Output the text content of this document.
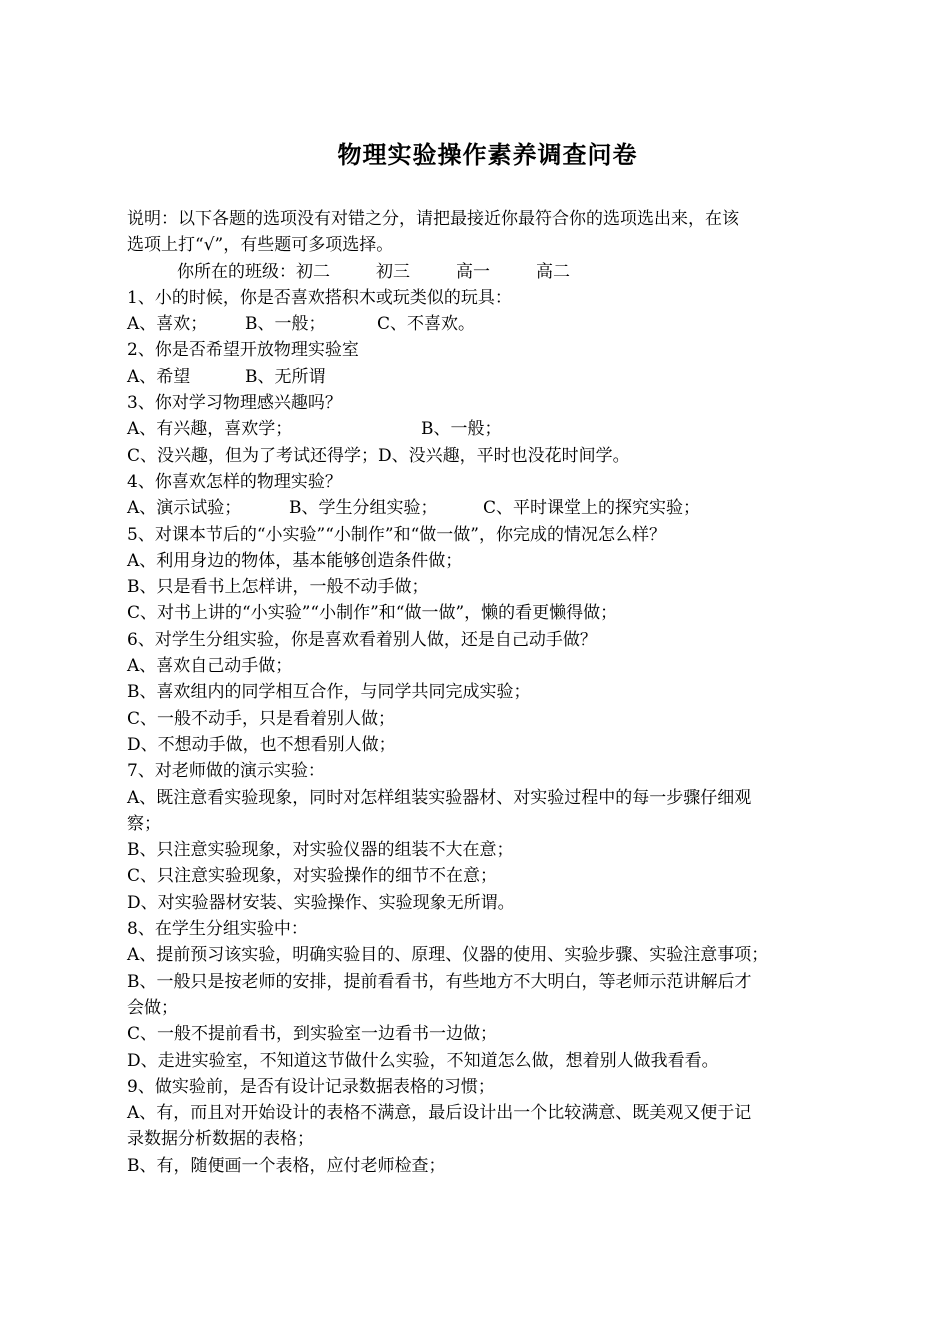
物理实验操作素养调查问卷
说明：以下各题的选项没有对错之分，请把最接近你最符合你的选项选出来，在该
选项上打“√”，有些题可多项选择。
你所在的班级：初二	初三	高一	高二
1、小的时候，你是否喜欢搭积木或玩类似的玩具：
A、喜欢； B、一般；	C、不喜欢。
2、你是否希望开放物理实验室
A、希望	B、无所谓
3、你对学习物理感兴趣吗？
A、有兴趣，喜欢学；	B、一般；
C、没兴趣，但为了考试还得学；D、没兴趣，平时也没花时间学。
4、你喜欢怎样的物理实验？
A、演示试验；	B、学生分组实验；	C、平时课堂上的探究实验；
5、对课本节后的“小实验”“小制作”和“做一做”，你完成的情况怎么样？
A、利用身边的物体，基本能够创造条件做；
B、只是看书上怎样讲，一般不动手做；
C、对书上讲的“小实验”“小制作”和“做一做”，懒的看更懒得做；
6、对学生分组实验，你是喜欢看着别人做，还是自己动手做？
A、喜欢自己动手做；
B、喜欢组内的同学相互合作，与同学共同完成实验；
C、一般不动手，只是看着别人做；
D、不想动手做，也不想看别人做；
7、对老师做的演示实验：
A、既注意看实验现象，同时对怎样组装实验器材、对实验过程中的每一步骤仔细观
察；
B、只注意实验现象，对实验仪器的组装不大在意；
C、只注意实验现象，对实验操作的细节不在意；
D、对实验器材安装、实验操作、实验现象无所谓。
8、在学生分组实验中：
A、提前预习该实验，明确实验目的、原理、仪器的使用、实验步骤、实验注意事项；
B、一般只是按老师的安排，提前看看书，有些地方不大明白，等老师示范讲解后才
会做；
C、一般不提前看书，到实验室一边看书一边做；
D、走进实验室，不知道这节做什么实验，不知道怎么做，想着别人做我看看。
9、做实验前，是否有设计记录数据表格的习惯；
A、有，而且对开始设计的表格不满意，最后设计出一个比较满意、既美观又便于记
录数据分析数据的表格；
B、有，随便画一个表格，应付老师检查；
